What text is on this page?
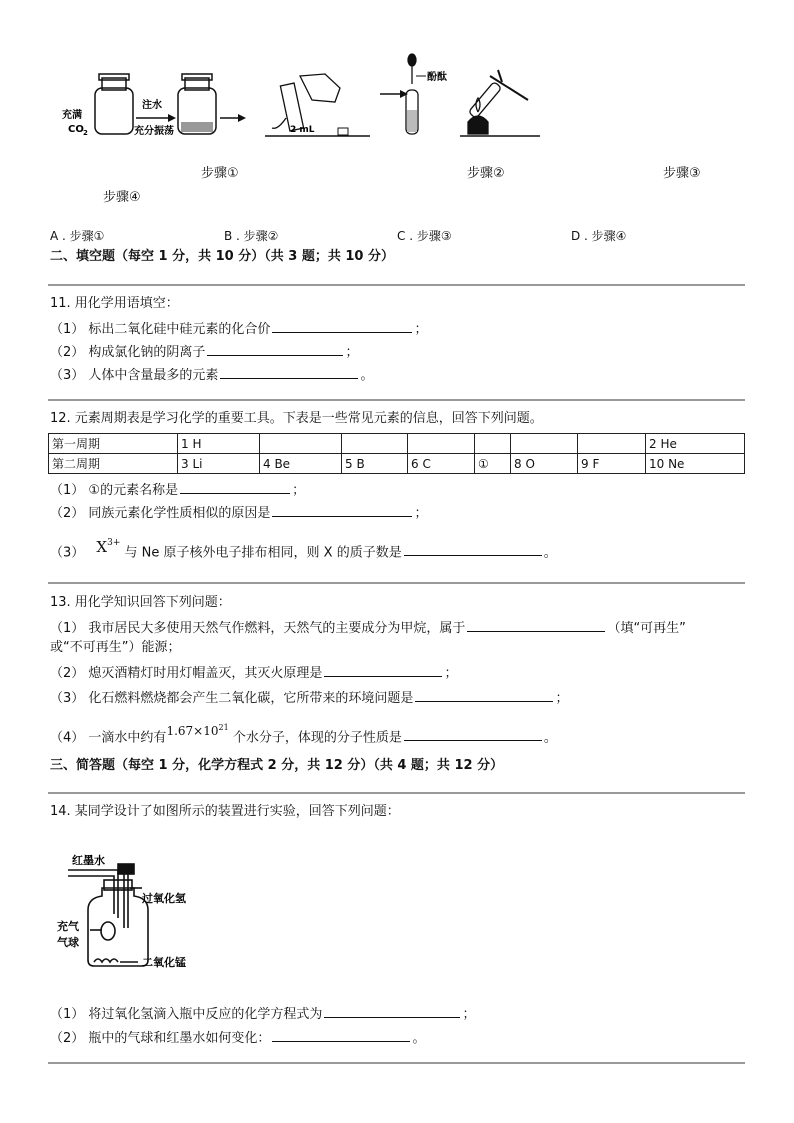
充满
CO 2
注水
充分振荡	2 mL
酚酞
步骤①	步骤②	步骤③
步骤④
A . 步骤①	B . 步骤②	C . 步骤③	D . 步骤④
二、填空题（每空 1 分，共 10 分）（共 3 题；共 10 分）
11. 用化学用语填空：
（1） 标出二氧化硅中硅元素的化合价	；
（2） 构成氯化钠的阴离子	；
（3） 人体中含量最多的元素	。
12. 元素周期表是学习化学的重要工具。下表是一些常见元素的信息，回答下列问题。
第一周期	1 H							2 He
第二周期	3 Li	4 Be	5 B	6 C	①	8 O	9 F	10 Ne
（1） ①的元素名称是	；
（2） 同族元素化学性质相似的原因是	；
（3） $X^{3+}$ 与 Ne 原子核外电子排布相同，则 X 的质子数是	。
13. 用化学知识回答下列问题：
（1） 我市居民大多使用天然气作燃料，天然气的主要成分为甲烷，属于	（填“可再生”
或“不可再生”）能源；
（2） 熄灭酒精灯时用灯帽盖灭，其灭火原理是	；
（3） 化石燃料燃烧都会产生二氧化碳，它所带来的环境问题是	；
（4） 一滴水中约有$1.67\times 10^{21}$ 个水分子，体现的分子性质是	。
三、简答题（每空 1 分，化学方程式 2 分，共 12 分）（共 4 题；共 12 分）
14. 某同学设计了如图所示的装置进行实验，回答下列问题：
红墨水
过氧化氢
充气
气球
二氧化锰
（1） 将过氧化氢滴入瓶中反应的化学方程式为	；
（2） 瓶中的气球和红墨水如何变化：	。
